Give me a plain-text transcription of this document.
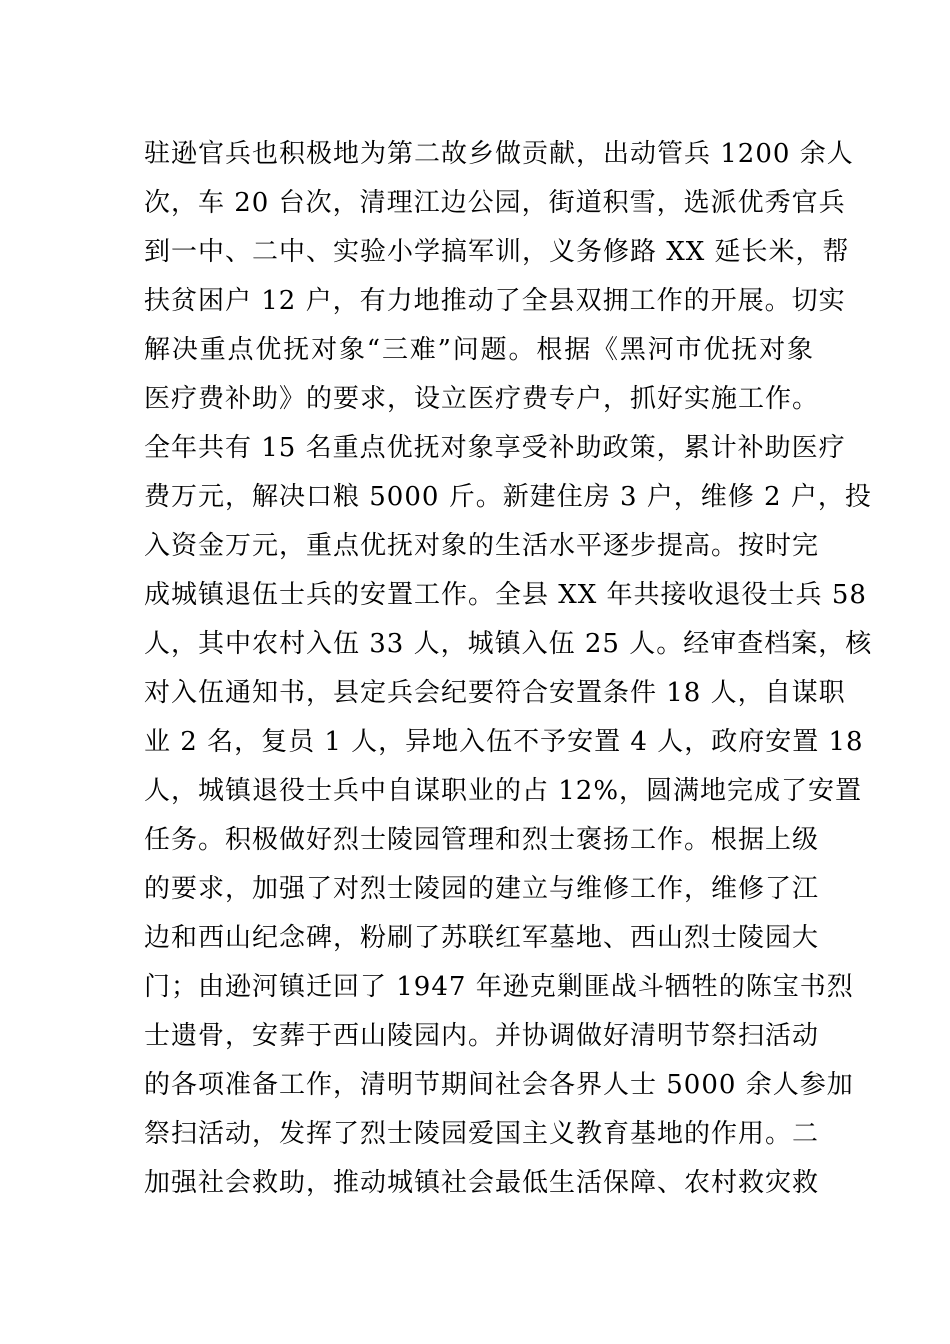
驻逊官兵也积极地为第二故乡做贡献，出动管兵 1200 余人
次，车 20 台次，清理江边公园，街道积雪，选派优秀官兵
到一中、二中、实验小学搞军训，义务修路 XX 延长米，帮
扶贫困户 12 户，有力地推动了全县双拥工作的开展。切实
解决重点优抚对象“三难”问题。根据《黑河市优抚对象
医疗费补助》的要求，设立医疗费专户，抓好实施工作。
全年共有 15 名重点优抚对象享受补助政策，累计补助医疗
费万元，解决口粮 5000 斤。新建住房 3 户，维修 2 户，投
入资金万元，重点优抚对象的生活水平逐步提高。按时完
成城镇退伍士兵的安置工作。全县 XX 年共接收退役士兵 58
人，其中农村入伍 33 人，城镇入伍 25 人。经审查档案，核
对入伍通知书，县定兵会纪要符合安置条件 18 人，自谋职
业 2 名，复员 1 人，异地入伍不予安置 4 人，政府安置 18
人，城镇退役士兵中自谋职业的占 12%，圆满地完成了安置
任务。积极做好烈士陵园管理和烈士褒扬工作。根据上级
的要求，加强了对烈士陵园的建立与维修工作，维修了江
边和西山纪念碑，粉刷了苏联红军墓地、西山烈士陵园大
门；由逊河镇迁回了 1947 年逊克剿匪战斗牺牲的陈宝书烈
士遗骨，安葬于西山陵园内。并协调做好清明节祭扫活动
的各项准备工作，清明节期间社会各界人士 5000 余人参加
祭扫活动，发挥了烈士陵园爱国主义教育基地的作用。二
加强社会救助，推动城镇社会最低生活保障、农村救灾救
